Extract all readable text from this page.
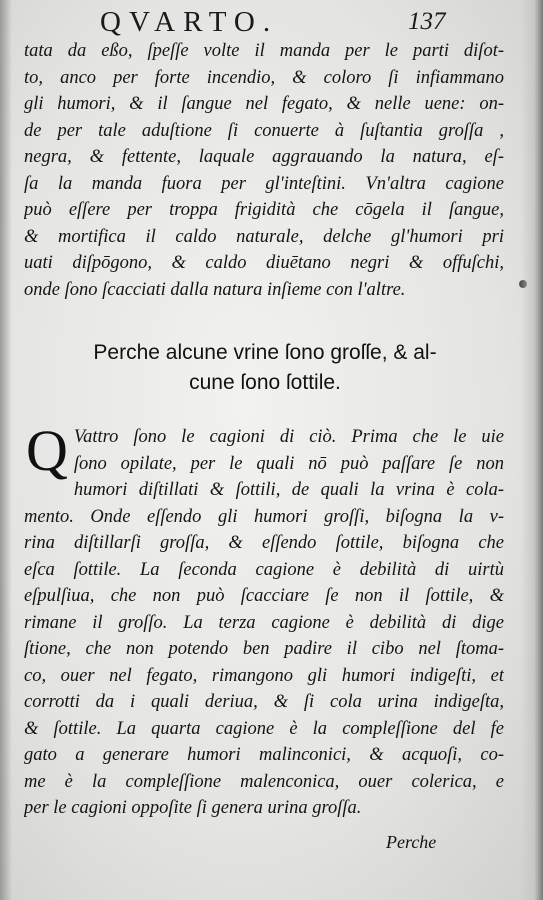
QVARTO.	137
tata da eßo, ſpeſſe volte il manda per le parti diſot-
to, anco per forte incendio, & coloro ſi infiammano
gli humori, & il ſangue nel fegato, & nelle uene: on-
de per tale aduſtione ſi conuerte à ſuſtantia groſſa ,
negra, & fettente, laquale aggrauando la natura, eſ-
ſa la manda fuora per gl'inteſtini. Vn'altra cagione
può eſſere per troppa frigidità che cōgela il ſangue,
& mortifica il caldo naturale, delche gl'humori pri
uati diſpōgono, & caldo diuētano negri & offuſchi,
onde ſono ſcacciati dalla natura inſieme con l'altre.
Perche alcune vrine ſono groſſe, & al-
cune ſono ſottile.
Q Vattro ſono le cagioni di ciò. Prima che le uie
ſono opilate, per le quali nō può paſſare ſe non
humori diſtillati & ſottili, de quali la vrina è cola-
mento. Onde eſſendo gli humori groſſi, biſogna la v-
rina diſtillarſi groſſa, & eſſendo ſottile, biſogna che
eſca ſottile. La ſeconda cagione è debilità di uirtù
eſpulſiua, che non può ſcacciare ſe non il ſottile, &
rimane il groſſo. La terza cagione è debilità di dige
ſtione, che non potendo ben padire il cibo nel ſtoma-
co, ouer nel fegato, rimangono gli humori indigeſti, et
corrotti da i quali deriua, & ſi cola urina indigeſta,
& ſottile. La quarta cagione è la compleſſione del fe
gato a generare humori malinconici, & acquoſi, co-
me è la compleſſione malenconica, ouer colerica, e
per le cagioni oppoſite ſi genera urina groſſa.
Perche
